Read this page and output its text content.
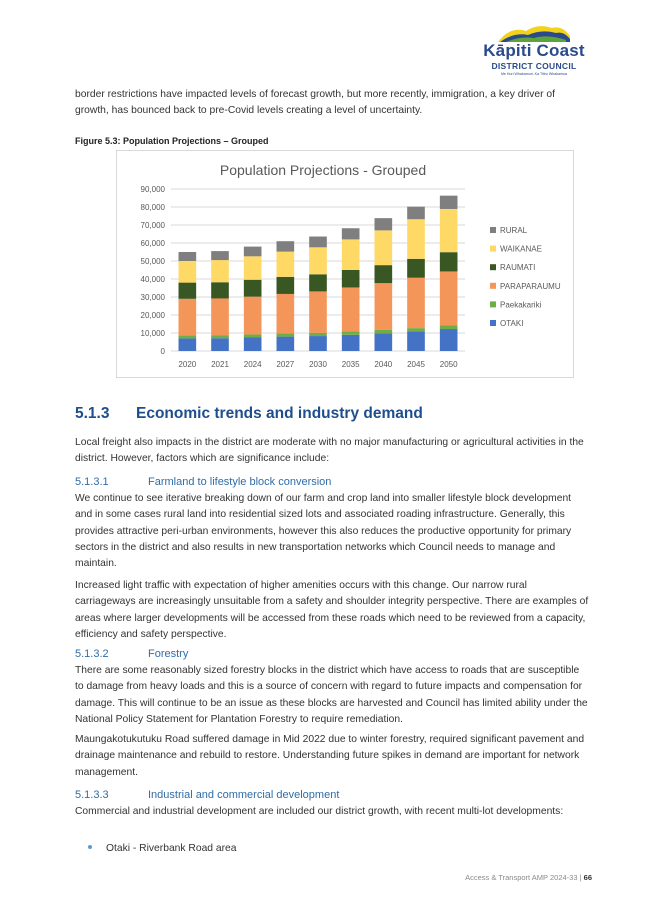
Kāpiti Coast
DISTRICT COUNCIL
Me Huri Whakamuri, Ka Titiro Whakamua

border restrictions have impacted levels of forecast growth, but more recently, immigration, a key driver of growth, has bounced back to pre-Covid levels creating a level of uncertainty.

Figure 5.3: Population Projections – Grouped
Population Projections - Grouped
0
10,000
20,000
30,000
40,000
50,000
60,000
70,000
80,000
90,000
2020 2021 2024 2027 2030 2035 2040 2045 2050
RURAL
WAIKANAE
RAUMATI
PARAPARAUMU
Paekakariki
OTAKI
5.1.3 Economic trends and industry demand

Local freight also impacts in the district are moderate with no major manufacturing or agricultural activities in the district. However, factors which are significance include:

5.1.3.1	Farmland to lifestyle block conversion

We continue to see iterative breaking down of our farm and crop land into smaller lifestyle block development and in some cases rural land into residential sized lots and associated roading infrastructure. Generally, this provides attractive peri-urban environments, however this also reduces the productive opportunity for primary sectors in the district and also results in new transportation networks which Council needs to manage and maintain.

Increased light traffic with expectation of higher amenities occurs with this change. Our narrow rural carriageways are increasingly unsuitable from a safety and shoulder integrity perspective. There are examples of areas where larger developments will be accessed from these roads which need to be reviewed from a capacity, efficiency and safety perspective.

5.1.3.2	Forestry

There are some reasonably sized forestry blocks in the district which have access to roads that are susceptible to damage from heavy loads and this is a source of concern with regard to future impacts and compensation for damage. This will continue to be an issue as these blocks are harvested and Council has limited ability under the National Policy Statement for Plantation Forestry to require remediation.

Maungakotukutuku Road suffered damage in Mid 2022 due to winter forestry, required significant pavement and drainage maintenance and rebuild to restore. Understanding future spikes in demand are important for network management.

5.1.3.3	Industrial and commercial development

Commercial and industrial development are included our district growth, with recent multi-lot developments:

Otaki - Riverbank Road area
Access & Transport AMP 2024-33 | 66
